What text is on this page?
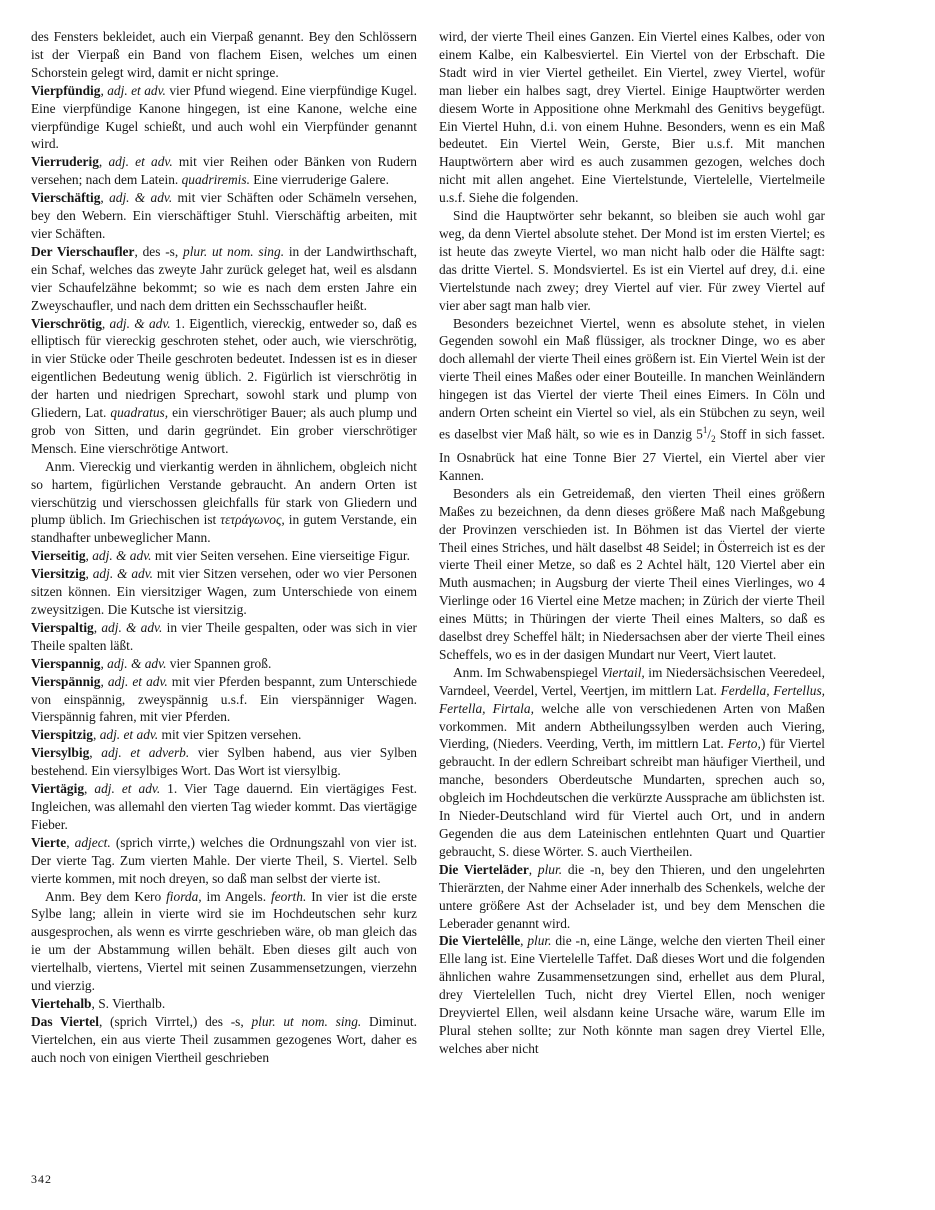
des Fensters bekleidet, auch ein Vierpaß genannt. Bey den Schlössern ist der Vierpaß ein Band von flachem Eisen, welches um einen Schorstein gelegt wird, damit er nicht springe.

Vierpfündig, adj. et adv. vier Pfund wiegend. Eine vierpfündige Kugel. Eine vierpfündige Kanone hingegen, ist eine Kanone, welche eine vierpfündige Kugel schießt, und auch wohl ein Vierpfünder genannt wird.

Vierruderig, adj. et adv. mit vier Reihen oder Bänken von Rudern versehen; nach dem Latein. quadriremis. Eine vierruderige Galere.

Vierschäftig, adj. & adv. mit vier Schäften oder Schämeln versehen, bey den Webern. Ein vierschäftiger Stuhl. Vierschäftig arbeiten, mit vier Schäften.

Der Vierschaufler, des -s, plur. ut nom. sing. in der Landwirthschaft, ein Schaf, welches das zweyte Jahr zurück geleget hat, weil es alsdann vier Schaufelzähne bekommt; so wie es nach dem ersten Jahre ein Zweyschaufler, und nach dem dritten ein Sechsschaufler heißt.

Vierschrötig, adj. & adv. 1. Eigentlich, viereckig, entweder so, daß es elliptisch für viereckig geschroten stehet, oder auch, wie vierschrötig, in vier Stücke oder Theile geschroten bedeutet. Indessen ist es in dieser eigentlichen Bedeutung wenig üblich. 2. Figürlich ist vierschrötig in der harten und niedrigen Sprechart, sowohl stark und plump von Gliedern, Lat. quadratus, ein vierschrötiger Bauer; als auch plump und grob von Sitten, und darin gegründet. Ein grober vierschrötiger Mensch. Eine vierschrötige Antwort.

Anm. Viereckig und vierkantig werden in ähnlichem, obgleich nicht so hartem, figürlichen Verstande gebraucht. An andern Orten ist vierschützig und vierschossen gleichfalls für stark von Gliedern und plump üblich. Im Griechischen ist τετράγωνος, in gutem Verstande, ein standhafter unbeweglicher Mann.

Vierseitig, adj. & adv. mit vier Seiten versehen. Eine vierseitige Figur.

Viersitzig, adj. & adv. mit vier Sitzen versehen, oder wo vier Personen sitzen können. Ein viersitziger Wagen, zum Unterschiede von einem zweysitzigen. Die Kutsche ist viersitzig.

Vierspaltig, adj. & adv. in vier Theile gespalten, oder was sich in vier Theile spalten läßt.

Vierspannig, adj. & adv. vier Spannen groß.

Vierspännig, adj. et adv. mit vier Pferden bespannt, zum Unterschiede von einspännig, zweyspännig u.s.f. Ein vierspänniger Wagen. Vierspännig fahren, mit vier Pferden.

Vierspitzig, adj. et adv. mit vier Spitzen versehen.

Viersylbig, adj. et adverb. vier Sylben habend, aus vier Sylben bestehend. Ein viersylbiges Wort. Das Wort ist viersylbig.

Viertägig, adj. et adv. 1. Vier Tage dauernd. Ein viertägiges Fest. Ingleichen, was allemahl den vierten Tag wieder kommt. Das viertägige Fieber.

Vierte, adject. (sprich virrte,) welches die Ordnungszahl von vier ist. Der vierte Tag. Zum vierten Mahle. Der vierte Theil, S. Viertel. Selb vierte kommen, mit noch dreyen, so daß man selbst der vierte ist.

Anm. Bey dem Kero fiorda, im Angels. feorth. In vier ist die erste Sylbe lang; allein in vierte wird sie im Hochdeutschen sehr kurz ausgesprochen, als wenn es virrte geschrieben wäre, ob man gleich das ie um der Abstammung willen behält. Eben dieses gilt auch von viertelhalb, viertens, Viertel mit seinen Zusammensetzungen, vierzehn und vierzig.

Viertehalb, S. Vierthalb.

Das Viertel, (sprich Virrtel,) des -s, plur. ut nom. sing. Diminut. Viertelchen, ein aus vierte Theil zusammen gezogenes Wort, daher es auch noch von einigen Viertheil geschrieben

wird, der vierte Theil eines Ganzen. Ein Viertel eines Kalbes, oder von einem Kalbe, ein Kalbesviertel. Ein Viertel von der Erbschaft. Die Stadt wird in vier Viertel getheilet. Ein Viertel, zwey Viertel, wofür man lieber ein halbes sagt, drey Viertel. Einige Hauptwörter werden diesem Worte in Appositione ohne Merkmahl des Genitivs beygefügt. Ein Viertel Huhn, d.i. von einem Huhne. Besonders, wenn es ein Maß bedeutet. Ein Viertel Wein, Gerste, Bier u.s.f. Mit manchen Hauptwörtern aber wird es auch zusammen gezogen, welches doch nicht mit allen angehet. Eine Viertelstunde, Viertelelle, Viertelmeile u.s.f. Siehe die folgenden.

Sind die Hauptwörter sehr bekannt, so bleiben sie auch wohl gar weg, da denn Viertel absolute stehet. Der Mond ist im ersten Viertel; es ist heute das zweyte Viertel, wo man nicht halb oder die Hälfte sagt: das dritte Viertel. S. Mondsviertel. Es ist ein Viertel auf drey, d.i. eine Viertelstunde nach zwey; drey Viertel auf vier. Für zwey Viertel auf vier aber sagt man halb vier.

Besonders bezeichnet Viertel, wenn es absolute stehet, in vielen Gegenden sowohl ein Maß flüssiger, als trockner Dinge, wo es aber doch allemahl der vierte Theil eines größern ist. Ein Viertel Wein ist der vierte Theil eines Maßes oder einer Bouteille. In manchen Weinländern hingegen ist das Viertel der vierte Theil eines Eimers. In Cöln und andern Orten scheint ein Viertel so viel, als ein Stübchen zu seyn, weil es daselbst vier Maß hält, so wie es in Danzig $5^1/_2$ Stoff in sich fasset. In Osnabrück hat eine Tonne Bier 27 Viertel, ein Viertel aber vier Kannen.

Besonders als ein Getreidemaß, den vierten Theil eines größern Maßes zu bezeichnen, da denn dieses größere Maß nach Maßgebung der Provinzen verschieden ist. In Böhmen ist das Viertel der vierte Theil eines Striches, und hält daselbst 48 Seidel; in Österreich ist es der vierte Theil einer Metze, so daß es 2 Achtel hält, 120 Viertel aber ein Muth ausmachen; in Augsburg der vierte Theil eines Vierlinges, wo 4 Vierlinge oder 16 Viertel eine Metze machen; in Zürich der vierte Theil eines Mütts; in Thüringen der vierte Theil eines Malters, so daß es daselbst drey Scheffel hält; in Niedersachsen aber der vierte Theil eines Scheffels, wo es in der dasigen Mundart nur Veert, Viert lautet.

Anm. Im Schwabenspiegel Viertail, im Niedersächsischen Veeredeel, Varndeel, Veerdel, Vertel, Veertjen, im mittlern Lat. Ferdella, Fertellus, Fertella, Firtala, welche alle von verschiedenen Arten von Maßen vorkommen. Mit andern Abtheilungssylben werden auch Viering, Vierding, (Nieders. Veerding, Verth, im mittlern Lat. Ferto,) für Viertel gebraucht. In der edlern Schreibart schreibt man häufiger Viertheil, und manche, besonders Oberdeutsche Mundarten, sprechen auch so, obgleich im Hochdeutschen die verkürzte Aussprache am üblichsten ist. In Nieder-Deutschland wird für Viertel auch Ort, und in andern Gegenden die aus dem Lateinischen entlehnten Quart und Quartier gebraucht, S. diese Wörter. S. auch Viertheilen.

Die Vierteläder, plur. die -n, bey den Thieren, und den ungelehrten Thierärzten, der Nahme einer Ader innerhalb des Schenkels, welche der untere größere Ast der Achselader ist, und bey dem Menschen die Leberader genannt wird.

Die Viertelêlle, plur. die -n, eine Länge, welche den vierten Theil einer Elle lang ist. Eine Viertelelle Taffet. Daß dieses Wort und die folgenden ähnlichen wahre Zusammensetzungen sind, erhellet aus dem Plural, drey Viertelellen Tuch, nicht drey Viertel Ellen, noch weniger Dreyviertel Ellen, weil alsdann keine Ursache wäre, warum Elle im Plural stehen sollte; zur Noth könnte man sagen drey Viertel Elle, welches aber nicht

342
